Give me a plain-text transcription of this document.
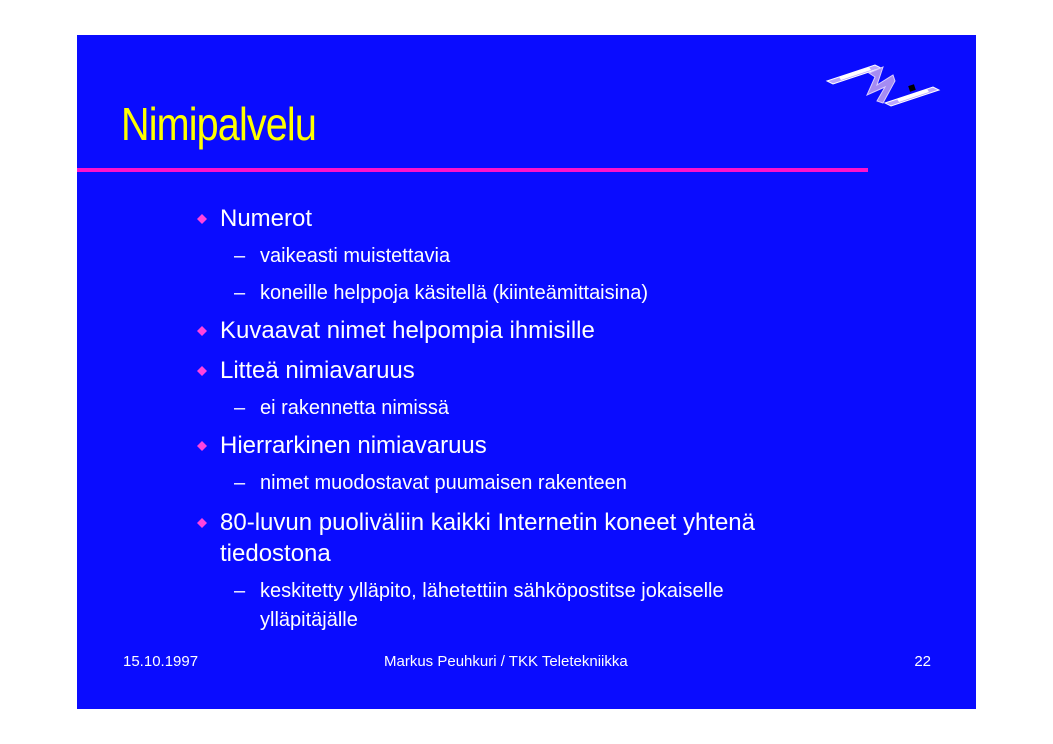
Nimipalvelu
Numerot
– vaikeasti muistettavia
– koneille helppoja käsitellä (kiinteämittaisina)
Kuvaavat nimet helpompia ihmisille
Litteä nimiavaruus
– ei rakennetta nimissä
Hierrarkinen nimiavaruus
– nimet muodostavat puumaisen rakenteen
80-luvun puoliväliin kaikki Internetin koneet yhtenä
tiedostona
– keskitetty ylläpito, lähetettiin sähköpostitse jokaiselle
ylläpitäjälle
15.10.1997	Markus Peuhkuri / TKK Teletekniikka	22
